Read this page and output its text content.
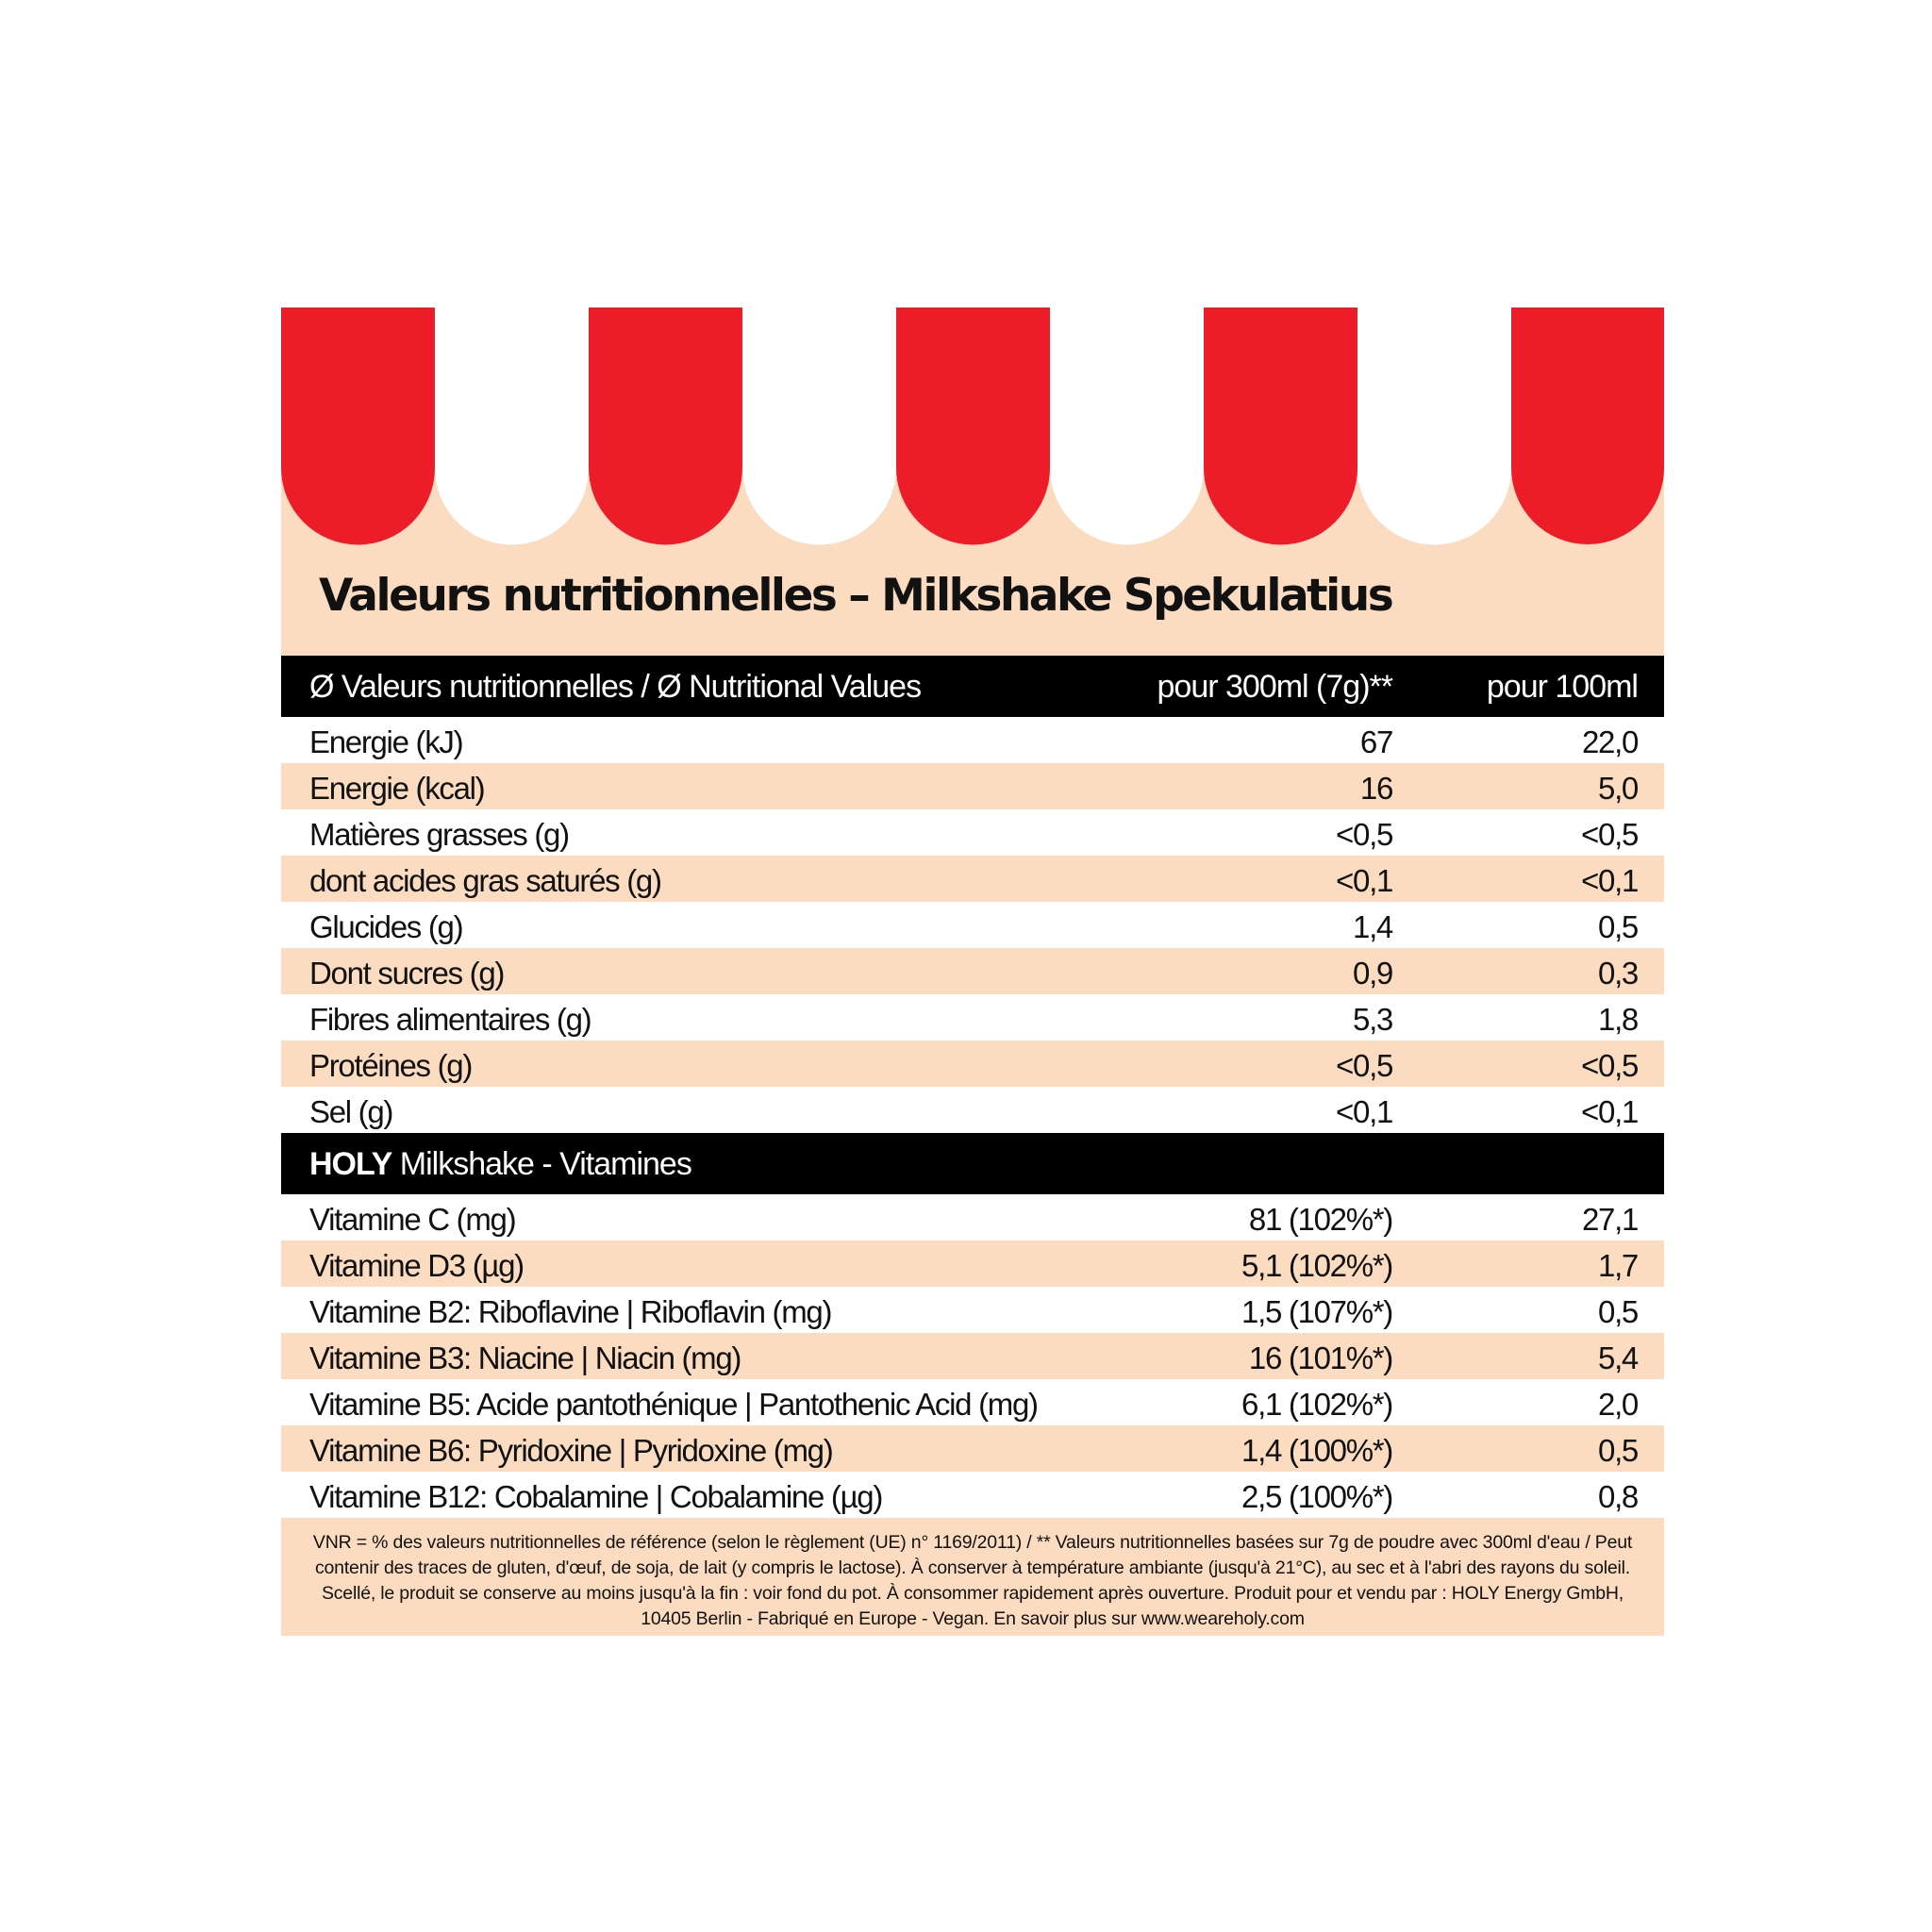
Valeurs nutritionnelles – Milkshake Spekulatius
Ø Valeurs nutritionnelles / Ø Nutritional Values	pour 300ml (7g)**	pour 100ml
Energie (kJ)	67	22,0
Energie (kcal)	16	5,0
Matières grasses (g)	<0,5	<0,5
dont acides gras saturés (g)	<0,1	<0,1
Glucides (g)	1,4	0,5
Dont sucres (g)	0,9	0,3
Fibres alimentaires (g)	5,3	1,8
Protéines (g)	<0,5	<0,5
Sel (g)	<0,1	<0,1
HOLY Milkshake - Vitamines
Vitamine C (mg)	81 (102%*)	27,1
Vitamine D3 (µg)	5,1 (102%*)	1,7
Vitamine B2: Riboflavine | Riboflavin (mg)	1,5 (107%*)	0,5
Vitamine B3: Niacine | Niacin (mg)	16 (101%*)	5,4
Vitamine B5: Acide pantothénique | Pantothenic Acid (mg)	6,1 (102%*)	2,0
Vitamine B6: Pyridoxine | Pyridoxine (mg)	1,4 (100%*)	0,5
Vitamine B12: Cobalamine | Cobalamine (µg)	2,5 (100%*)	0,8
VNR = % des valeurs nutritionnelles de référence (selon le règlement (UE) n° 1169/2011) / ** Valeurs nutritionnelles basées sur 7g de poudre avec 300ml d'eau / Peut contenir des traces de gluten, d'œuf, de soja, de lait (y compris le lactose). À conserver à température ambiante (jusqu'à 21°C), au sec et à l'abri des rayons du soleil. Scellé, le produit se conserve au moins jusqu'à la fin : voir fond du pot. À consommer rapidement après ouverture. Produit pour et vendu par : HOLY Energy GmbH, 10405 Berlin - Fabriqué en Europe - Vegan. En savoir plus sur www.weareholy.com
